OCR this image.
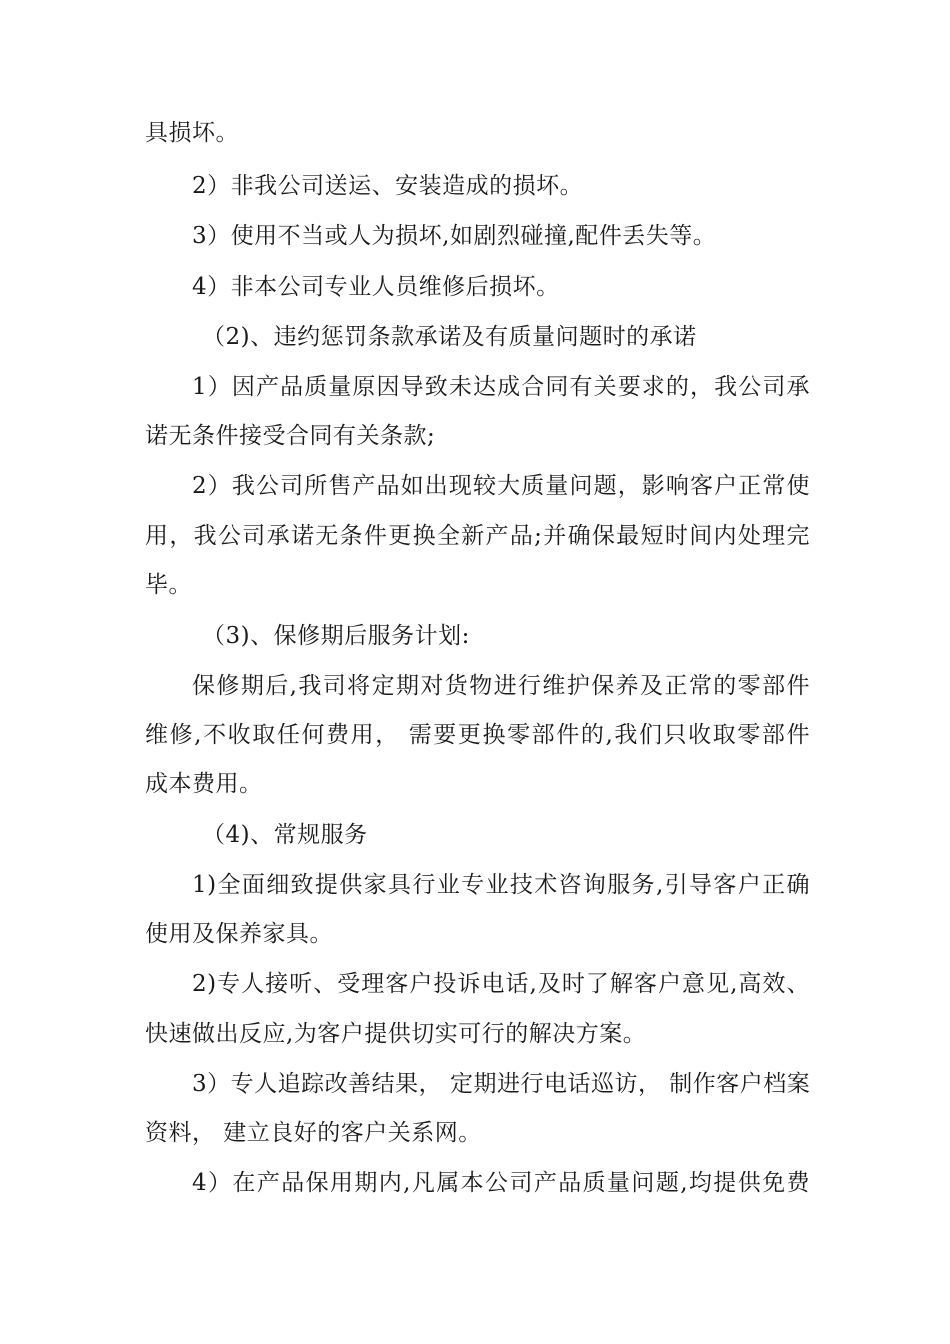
具损坏。
2）非我公司送运、安装造成的损坏。
3）使用不当或人为损坏,如剧烈碰撞,配件丢失等。
4）非本公司专业人员维修后损坏。
（2)、违约惩罚条款承诺及有质量问题时的承诺
1）因产品质量原因导致未达成合同有关要求的，我公司承
诺无条件接受合同有关条款;
2）我公司所售产品如出现较大质量问题，影响客户正常使
用，我公司承诺无条件更换全新产品;并确保最短时间内处理完
毕。
（3)、保修期后服务计划:
保修期后,我司将定期对货物进行维护保养及正常的零部件
维修,不收取任何费用， 需要更换零部件的,我们只收取零部件
成本费用。
（4)、常规服务
1)全面细致提供家具行业专业技术咨询服务,引导客户正确
使用及保养家具。
2)专人接听、受理客户投诉电话,及时了解客户意见,高效、
快速做出反应,为客户提供切实可行的解决方案。
3）专人追踪改善结果， 定期进行电话巡访， 制作客户档案
资料， 建立良好的客户关系网。
4）在产品保用期内,凡属本公司产品质量问题,均提供免费
